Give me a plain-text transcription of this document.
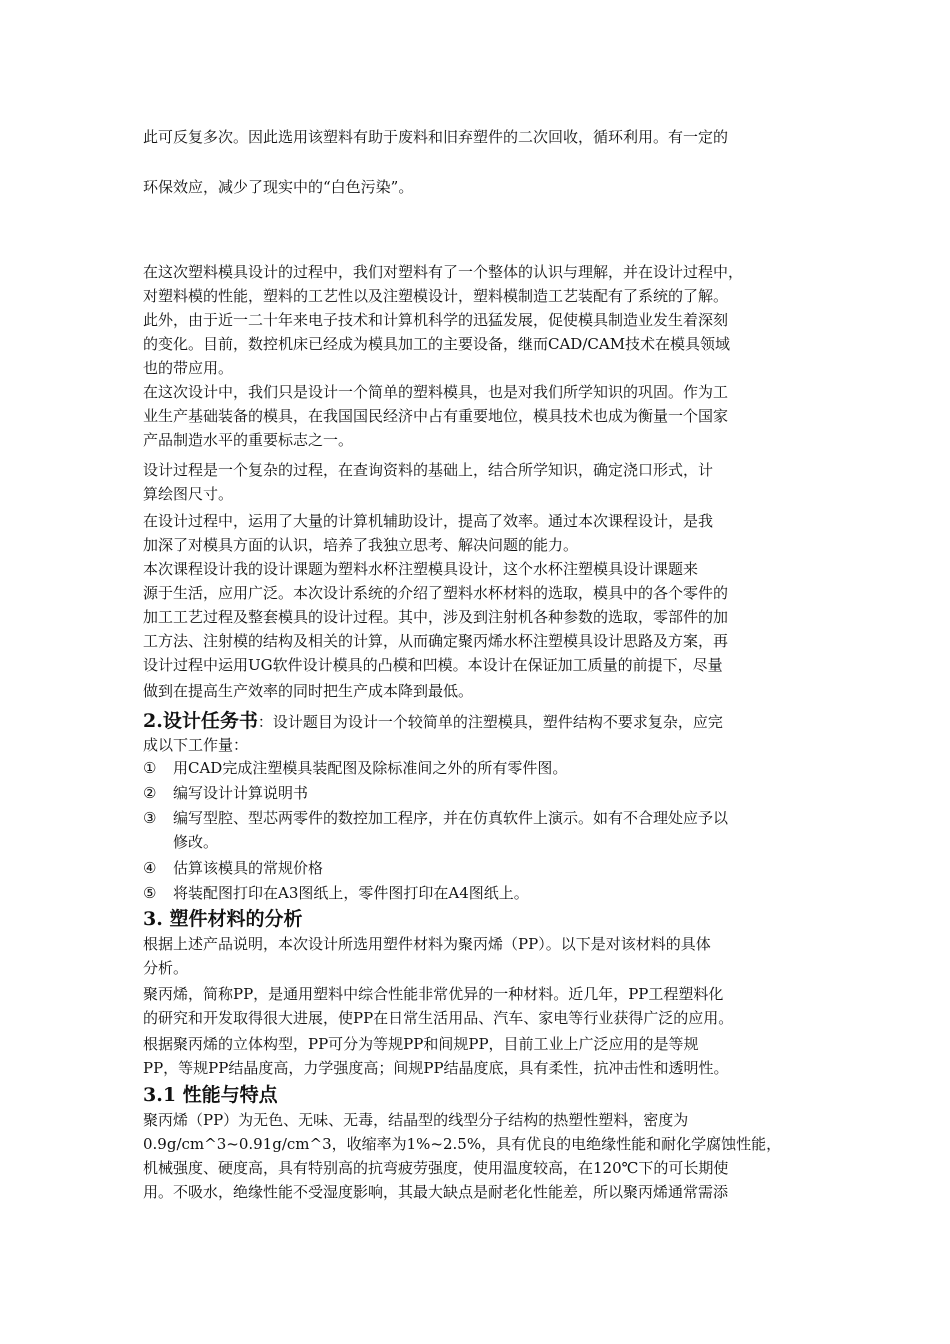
此可反复多次。因此选用该塑料有助于废料和旧弃塑件的二次回收，循环利用。有一定的
环保效应，减少了现实中的“白色污染”。
在这次塑料模具设计的过程中，我们对塑料有了一个整体的认识与理解，并在设计过程中，
对塑料模的性能，塑料的工艺性以及注塑模设计，塑料模制造工艺装配有了系统的了解。
此外，由于近一二十年来电子技术和计算机科学的迅猛发展，促使模具制造业发生着深刻
的变化。目前，数控机床已经成为模具加工的主要设备，继而CAD/CAM技术在模具领域
也的带应用。
在这次设计中，我们只是设计一个简单的塑料模具，也是对我们所学知识的巩固。作为工
业生产基础装备的模具，在我国国民经济中占有重要地位，模具技术也成为衡量一个国家
产品制造水平的重要标志之一。
设计过程是一个复杂的过程，在查询资料的基础上，结合所学知识，确定浇口形式，计
算绘图尺寸。
在设计过程中，运用了大量的计算机辅助设计，提高了效率。通过本次课程设计，是我
加深了对模具方面的认识，培养了我独立思考、解决问题的能力。
本次课程设计我的设计课题为塑料水杯注塑模具设计，这个水杯注塑模具设计课题来
源于生活，应用广泛。本次设计系统的介绍了塑料水杯材料的选取，模具中的各个零件的
加工工艺过程及整套模具的设计过程。其中，涉及到注射机各种参数的选取，零部件的加
工方法、注射模的结构及相关的计算，从而确定聚丙烯水杯注塑模具设计思路及方案，再
设计过程中运用UG软件设计模具的凸模和凹模。本设计在保证加工质量的前提下，尽量
做到在提高生产效率的同时把生产成本降到最低。
2.设计任务书：设计题目为设计一个较简单的注塑模具，塑件结构不要求复杂，应完
成以下工作量：
① 用CAD完成注塑模具装配图及除标准间之外的所有零件图。
② 编写设计计算说明书
③ 编写型腔、型芯两零件的数控加工程序，并在仿真软件上演示。如有不合理处应予以
修改。
④ 估算该模具的常规价格
⑤ 将装配图打印在A3图纸上，零件图打印在A4图纸上。
3. 塑件材料的分析
根据上述产品说明，本次设计所选用塑件材料为聚丙烯（PP）。以下是对该材料的具体
分析。
聚丙烯，简称PP，是通用塑料中综合性能非常优异的一种材料。近几年，PP工程塑料化
的研究和开发取得很大进展，使PP在日常生活用品、汽车、家电等行业获得广泛的应用。
根据聚丙烯的立体构型，PP可分为等规PP和间规PP，目前工业上广泛应用的是等规
PP，等规PP结晶度高，力学强度高；间规PP结晶度底，具有柔性，抗冲击性和透明性。
3.1 性能与特点
聚丙烯（PP）为无色、无味、无毒，结晶型的线型分子结构的热塑性塑料，密度为
0.9g/cm^3~0.91g/cm^3，收缩率为1%~2.5%，具有优良的电绝缘性能和耐化学腐蚀性能，
机械强度、硬度高，具有特别高的抗弯疲劳强度，使用温度较高，在120℃下的可长期使
用。不吸水，绝缘性能不受湿度影响，其最大缺点是耐老化性能差，所以聚丙烯通常需添
